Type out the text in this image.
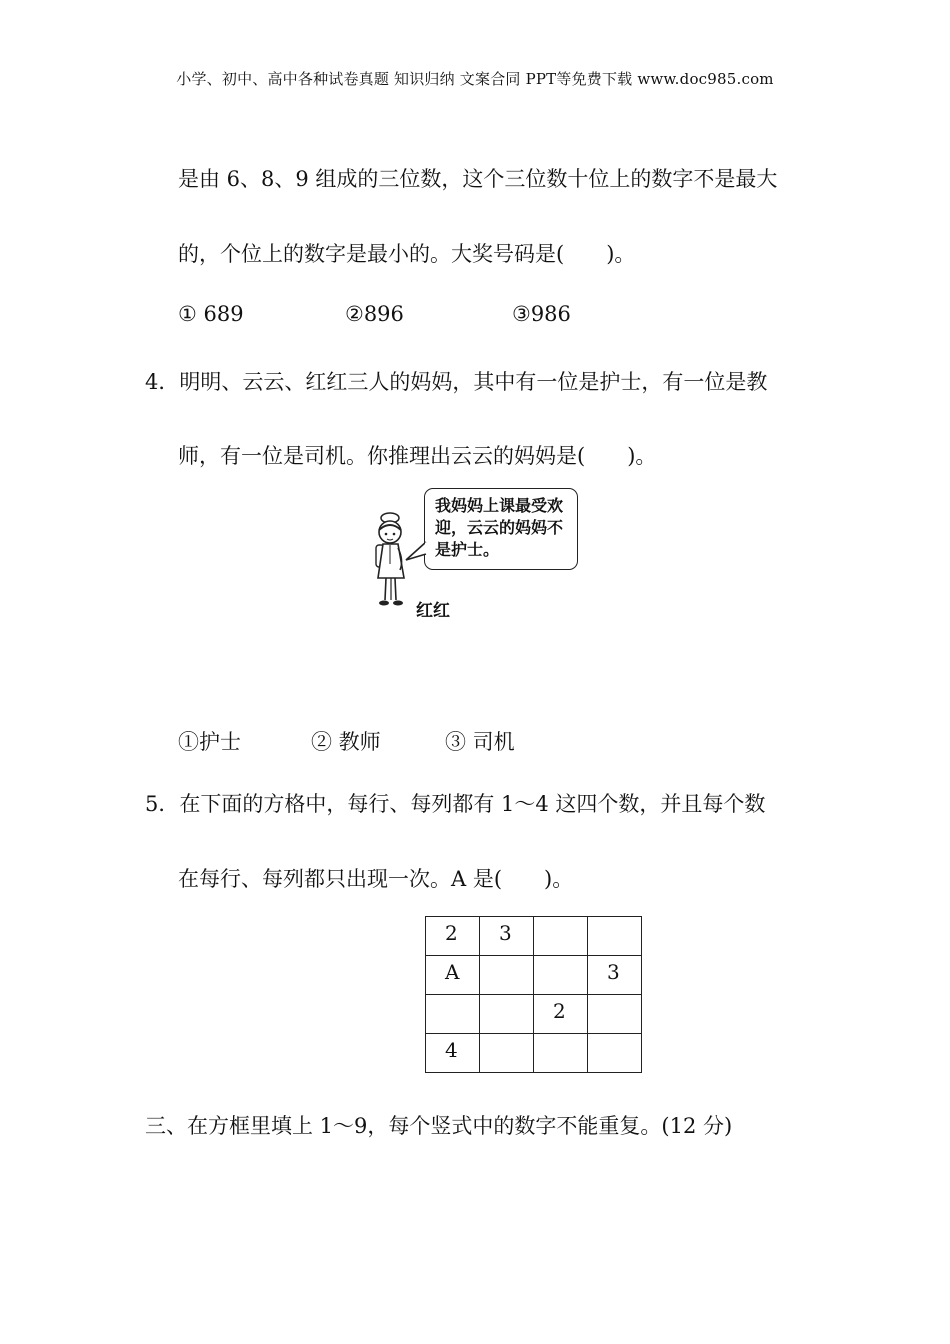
小学、初中、高中各种试卷真题 知识归纳 文案合同 PPT等免费下载 www.doc985.com
是由 6、8、9 组成的三位数，这个三位数十位上的数字不是最大
的，个位上的数字是最小的。大奖号码是(　　)。
① 689	②896	③986
4．明明、云云、红红三人的妈妈，其中有一位是护士，有一位是教
师，有一位是司机。你推理出云云的妈妈是(　　)。
我妈妈上课最受欢迎，云云的妈妈不是护士。
红红
①护士	② 教师	③ 司机
5．在下面的方格中，每行、每列都有 1～4 这四个数，并且每个数
在每行、每列都只出现一次。A 是(　　)。
2	3		

A			3

		2	

4			

三、在方框里填上 1～9，每个竖式中的数字不能重复。(12 分)
